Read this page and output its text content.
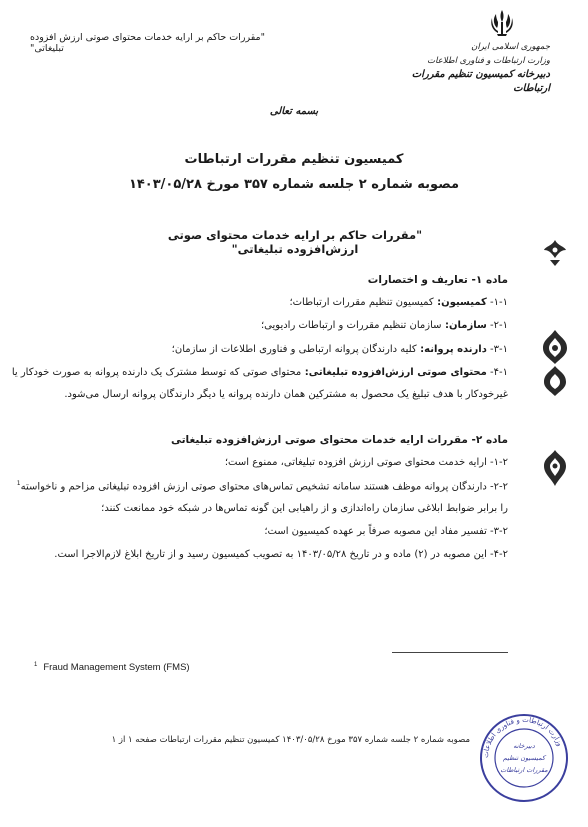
"مقررات حاکم بر ارایه خدمات محتوای صوتی ارزش افزوده تبلیغاتی"	جمهوری اسلامی ایران
وزارت ارتباطات و فناوری اطلاعات
دبیرخانه کمیسیون تنظیم مقررات ارتباطات
بسمه تعالی
کمیسیون تنظیم مقررات ارتباطات
مصوبه شماره ۲ جلسه شماره ۳۵۷ مورخ ۱۴۰۳/۰۵/۲۸
"مقررات حاکم بر ارایه خدمات محتوای صوتی ارزش‌افزوده تبلیغاتی"
ماده ۱- تعاریف و اختصارات
۱-۱- کمیسیون: کمیسیون تنظیم مقررات ارتباطات؛
۲-۱- سازمان: سازمان تنظیم مقررات و ارتباطات رادیویی؛
۳-۱- دارنده پروانه: کلیه دارندگان پروانه ارتباطی و فناوری اطلاعات از سازمان؛
۴-۱- محتوای صوتی ارزش‌افزوده تبلیغاتی: محتوای صوتی که توسط مشترک یک دارنده پروانه به صورت خودکار یا
غیرخودکار با هدف تبلیغ یک محصول به مشترکین همان دارنده پروانه یا دیگر دارندگان پروانه ارسال می‌شود.
ماده ۲- مقررات ارایه خدمات محتوای صوتی ارزش‌افزوده تبلیغاتی
۱-۲- ارایه خدمت محتوای صوتی ارزش افزوده تبلیغاتی، ممنوع است؛
۲-۲- دارندگان پروانه موظف هستند سامانه تشخیص تماس‌های محتوای صوتی ارزش افزوده تبلیغاتی مزاحم و ناخواسته$^1$
را برابر ضوابط ابلاغی سازمان راه‌اندازی و از راهیابی این گونه تماس‌ها در شبکه خود ممانعت کنند؛
۳-۲- تفسیر مفاد این مصوبه صرفاً بر عهده کمیسیون است؛
۴-۲- این مصوبه در (۲) ماده و در تاریخ ۱۴۰۳/۰۵/۲۸ به تصویب کمیسیون رسید و از تاریخ ابلاغ لازم‌الاجرا است.
$^1$ Fraud Management System (FMS)
مصوبه شماره ۲ جلسه شماره ۳۵۷ مورخ ۱۴۰۳/۰۵/۲۸ کمیسیون تنظیم مقررات ارتباطات صفحه ۱ از ۱
وزارت ارتباطات و فناوری اطلاعات
دبیرخانه
کمیسیون تنظیم
مقررات ارتباطات
